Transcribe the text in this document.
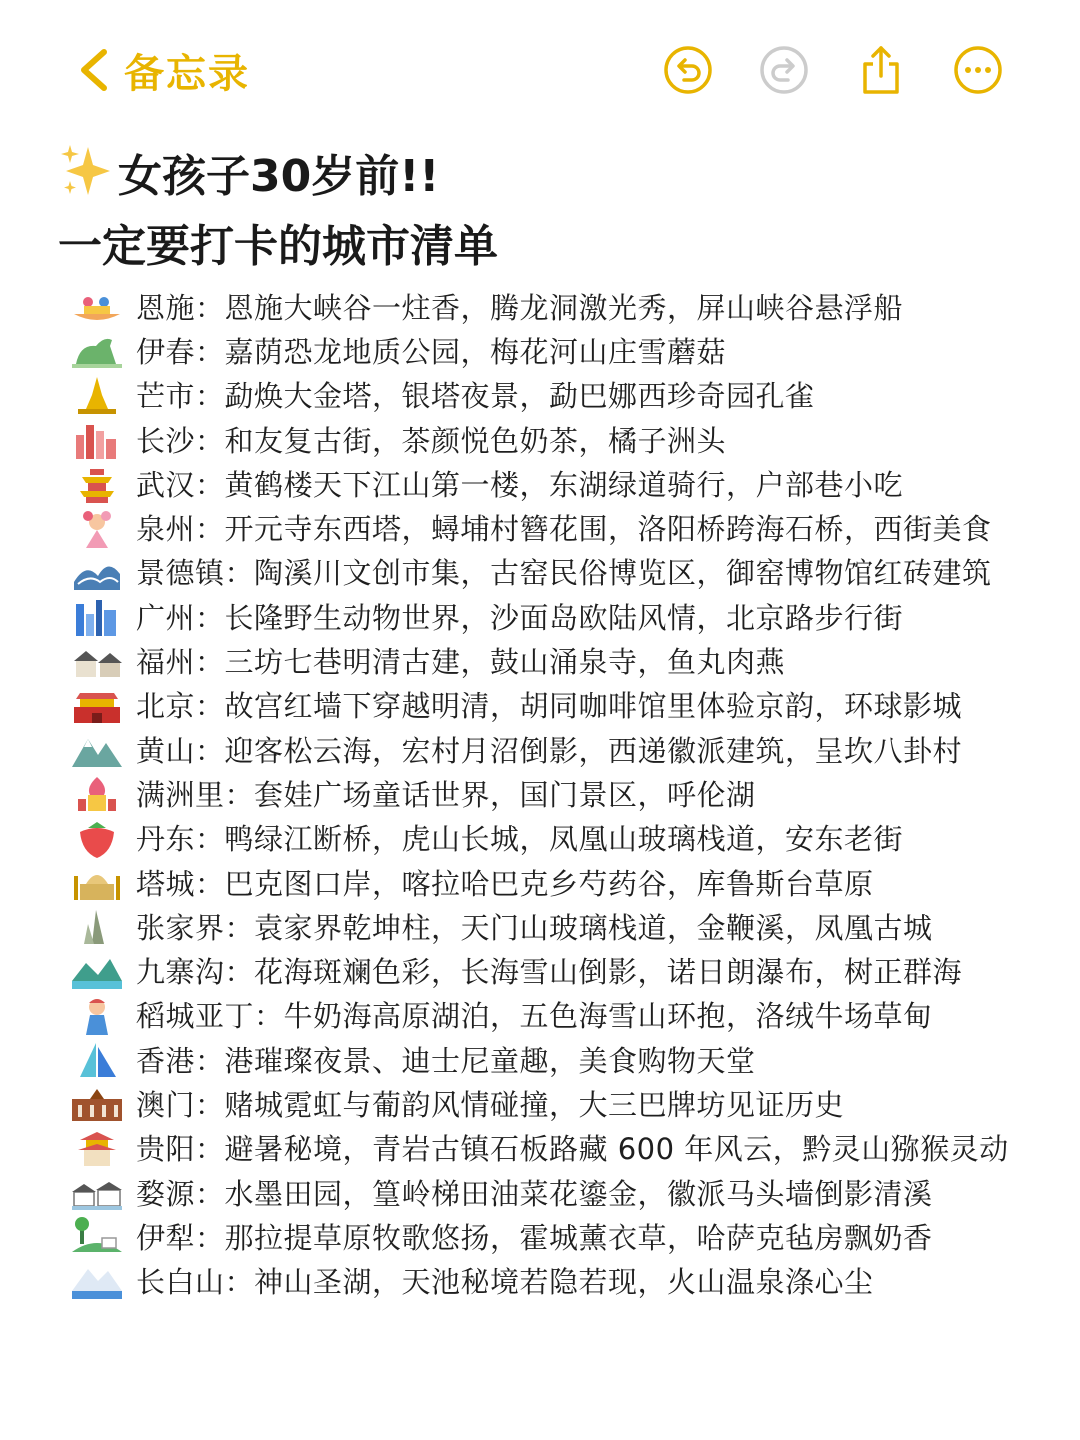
备忘录
女孩子30岁前!!
一定要打卡的城市清单
恩施：恩施大峡谷一炷香，腾龙洞激光秀，屏山峡谷悬浮船
伊春：嘉荫恐龙地质公园，梅花河山庄雪蘑菇
芒市：勐焕大金塔，银塔夜景，勐巴娜西珍奇园孔雀
长沙：和友复古街，茶颜悦色奶茶，橘子洲头
武汉：黄鹤楼天下江山第一楼，东湖绿道骑行，户部巷小吃
泉州：开元寺东西塔，蟳埔村簪花围，洛阳桥跨海石桥，西街美食
景德镇：陶溪川文创市集，古窑民俗博览区，御窑博物馆红砖建筑
广州：长隆野生动物世界，沙面岛欧陆风情，北京路步行街
福州：三坊七巷明清古建，鼓山涌泉寺，鱼丸肉燕
北京：故宫红墙下穿越明清，胡同咖啡馆里体验京韵，环球影城
黄山：迎客松云海，宏村月沼倒影，西递徽派建筑，呈坎八卦村
满洲里：套娃广场童话世界，国门景区，呼伦湖
丹东：鸭绿江断桥，虎山长城，凤凰山玻璃栈道，安东老街
塔城：巴克图口岸，喀拉哈巴克乡芍药谷，库鲁斯台草原
张家界：袁家界乾坤柱，天门山玻璃栈道，金鞭溪，凤凰古城
九寨沟：花海斑斓色彩，长海雪山倒影，诺日朗瀑布，树正群海
稻城亚丁：牛奶海高原湖泊，五色海雪山环抱，洛绒牛场草甸
香港：港璀璨夜景、迪士尼童趣，美食购物天堂
澳门：赌城霓虹与葡韵风情碰撞，大三巴牌坊见证历史
贵阳：避暑秘境，青岩古镇石板路藏 600 年风云，黔灵山猕猴灵动
婺源：水墨田园，篁岭梯田油菜花鎏金，徽派马头墙倒影清溪
伊犁：那拉提草原牧歌悠扬，霍城薰衣草，哈萨克毡房飘奶香
长白山：神山圣湖，天池秘境若隐若现，火山温泉涤心尘
